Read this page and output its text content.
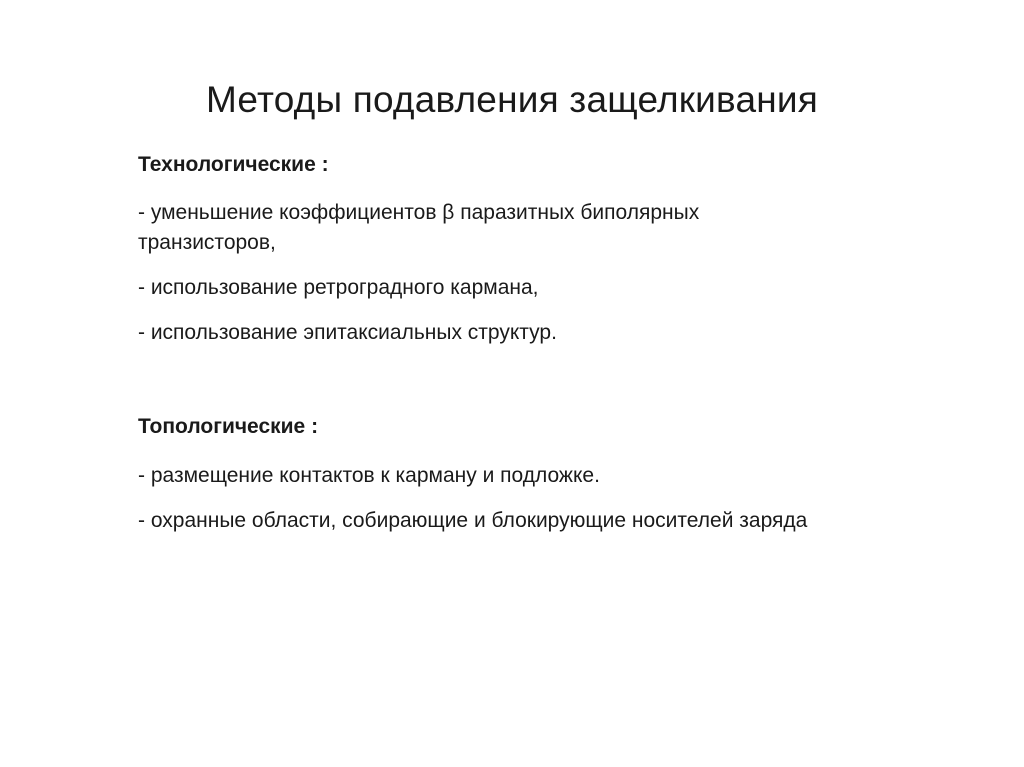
Методы подавления защелкивания

Технологические :

- уменьшение коэффициентов β паразитных биполярных транзисторов,

- использование ретроградного кармана,

- использование эпитаксиальных структур.

Топологические :

- размещение контактов к карману и подложке.

- охранные области, собирающие и блокирующие носителей заряда
